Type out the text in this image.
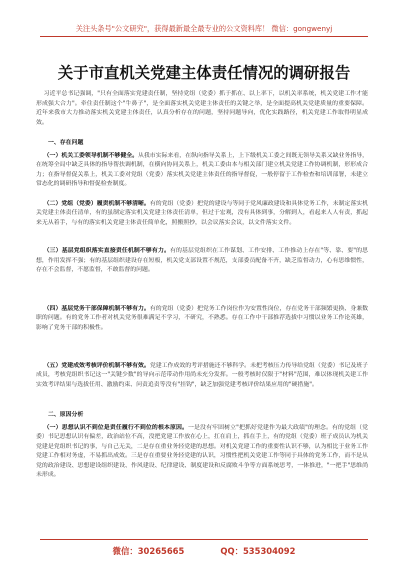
关注头条号"公文研究"，获得最新最全最专业的公文资料库！ 微信：gongwenyj
关于市直机关党建主体责任情况的调研报告

习近平总书记强调，"只有全面落实党建责任制，坚持党组（党委）抓于抓在、以上率下，以机关率系统，机关党建工作才能形成强大合力"。牵住责任制这个"牛鼻子"，是全面落实机关党建主体责任的关键之举，是全面提高机关党建质量的重要保障。近年来我市大力推动落实机关党建主体责任，认真分析存在的问题，坚持问题导向，优化实践路径，机关党建工作取得明显成效。

一、存在问题

（一）机关工委领导机制不够健全。从我市实际来看，在纵向指导关系上，上下级机关工委之间既无领导关系又缺业务指导，在统筹全局中缺乏具体的指导帮扶调机制，在横向协同关系上，机关工委由本与相关部门建立机关党建工作协调机制，形形成合力；在指导督促关系上，机关工委对党组（党委）落实机关党建主体责任的指导督促，一般停留于工作检查和培训部署，未建立常态化的调研指导和督促检查制度。

（二）党组（党委）履责机制不够清晰。有的党组（党委）把党的建设与等同于党风廉政建设和具体党务工作，未制定落实机关党建主体责任清单，有的虽制定落实机关党建主体责任清单，但过于宏观，没有具体到事，分解到人，看起来人人有责，抓起来无从着手，与有的落实机关党建主体责任简单化，照搬照抄，以会议落实会议，以文件落实文件。

（三）基层党组织落实直接责任机制不够有力。有的基层党组织在工作谋划、工作安排、工作推动上存在"等、靠、要"的思想，作用发挥不强；有的基层组织建设存在短板，机关党支部设置不规范，支部委员配备不齐，缺乏监督动力，心有思维惯性，存在不会监督，不愿监督，不敢监督的问题。

（四）基层党务干部保障机制不够有力。有的党组（党委）把党务工作岗位作为安置性岗位，存在党务干部频繁更换、身兼数职的问题。有的党务工作者对机关党务很难满足不学习，不研究，不熟悉。存在工作中干部推荐选拔中习惯以业务工作论英雄，影响了党务干部的积极性。

（五）党建成效考核评价机制不够有效。党建工作成效的考评措施还不够科学。未把考核压力传导给党组（党委）书记及班子成员，考核党组织书记这一"关键少数"的导向示范带动作用尚未充分发挥。一般考核时仅限于"材料"范围，难以体现机关建工作实效考评结果与选拔任用、激励约束、问责追责等没有"挂钩"，缺乏加强党建考核评价结果应用的"硬措施"。

二、原因分析

（一）思想认识不到位是责任履行不到位的根本原因。一是没有牢固树立"把抓好党建作为最大政绩"的理念。有的党组（党委）书记思想认识有偏差，政治站位不高，没把党建工作放在心上，扛在肩上，抓在手上，有的党组（党委）班子成员认为机关党建是党组织书记的事，与自己无关，二是存在重业务轻党建的思想。对机关党建工作的重要性认识不够，认为相比于业务工作党建工作相对务虚，不易抓出成效。三是存在重要业务轻党建的认识，习惯性把机关党建工作等同于具体的党务工作，而不是从党的政治建设、思想建设组织建设、作风建设、纪律建设、制度建设和反腐败斗争等方面系统思考，一体推进，"一把手"思维尚未形成。

微信：30265665	QQ：535304092
